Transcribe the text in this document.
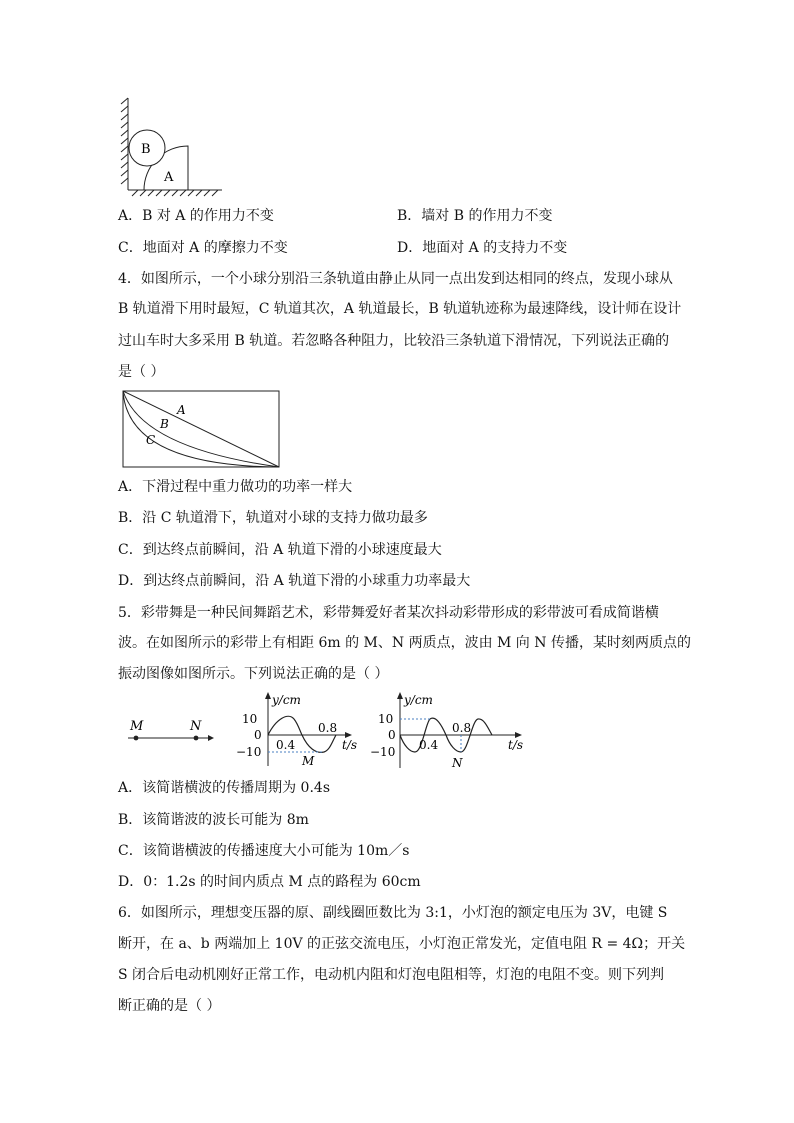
B
A
A．B 对 A 的作用力不变	B．墙对 B 的作用力不变
C．地面对 A 的摩擦力不变	D．地面对 A 的支持力不变
4．如图所示，一个小球分别沿三条轨道由静止从同一点出发到达相同的终点，发现小球从
B 轨道滑下用时最短，C 轨道其次，A 轨道最长，B 轨道轨迹称为最速降线，设计师在设计
过山车时大多采用 B 轨道。若忽略各种阻力，比较沿三条轨道下滑情况，下列说法正确的
是（ ）
A
B
C
A．下滑过程中重力做功的功率一样大
B．沿 C 轨道滑下，轨道对小球的支持力做功最多
C．到达终点前瞬间，沿 A 轨道下滑的小球速度最大
D．到达终点前瞬间，沿 A 轨道下滑的小球重力功率最大
5．彩带舞是一种民间舞蹈艺术，彩带舞爱好者某次抖动彩带形成的彩带波可看成简谐横
波。在如图所示的彩带上有相距 6m 的 M、N 两质点，波由 M 向 N 传播，某时刻两质点的
振动图像如图所示。下列说法正确的是（ ）
M	N
y/cm
10
0
−10 0.4
0.8
t/s
M
y/cm
10
0
−10 0.4
0.8
t/s
N
A．该简谐横波的传播周期为 0.4s
B．该简谐波的波长可能为 8m
C．该简谐横波的传播速度大小可能为 10m／s
D．0：1.2s 的时间内质点 M 点的路程为 60cm
6．如图所示，理想变压器的原、副线圈匝数比为 3:1，小灯泡的额定电压为 3V，电键 S
断开，在 a、b 两端加上 10V 的正弦交流电压，小灯泡正常发光，定值电阻 R = 4Ω；开关
S 闭合后电动机刚好正常工作，电动机内阻和灯泡电阻相等，灯泡的电阻不变。则下列判
断正确的是（ ）
